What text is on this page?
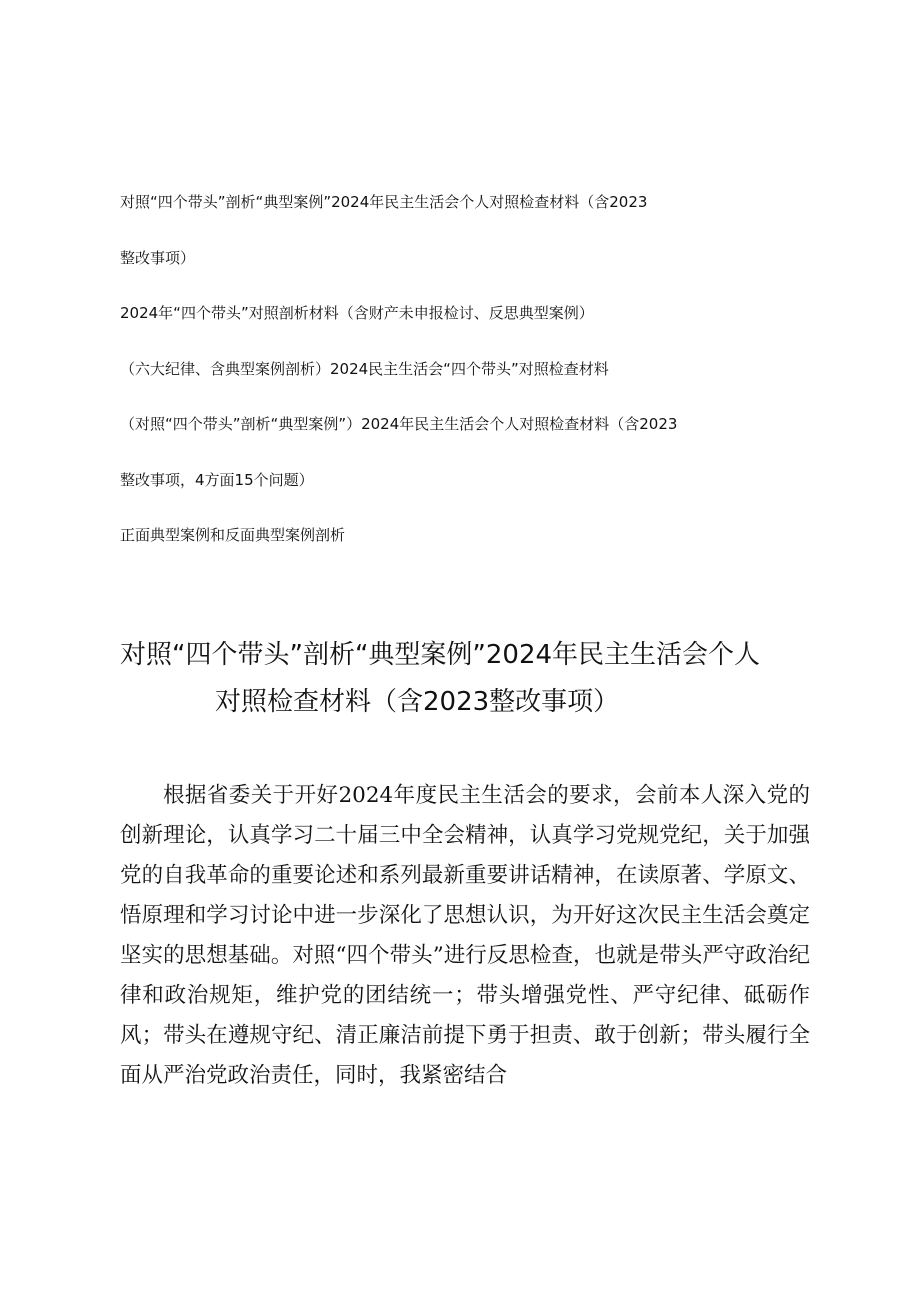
对照“四个带头”剖析“典型案例”2024年民主生活会个人对照检查材料（含2023
整改事项）
2024年“四个带头”对照剖析材料（含财产未申报检讨、反思典型案例）
（六大纪律、含典型案例剖析）2024民主生活会“四个带头”对照检查材料
（对照“四个带头”剖析“典型案例”）2024年民主生活会个人对照检查材料（含2023
整改事项，4方面15个问题）
正面典型案例和反面典型案例剖析
对照“四个带头”剖析“典型案例”2024年民主生活会个人
对照检查材料（含2023整改事项）

根据省委关于开好2024年度民主生活会的要求，会前本人深入党的创新理论，认真学习二十届三中全会精神，认真学习党规党纪，关于加强党的自我革命的重要论述和系列最新重要讲话精神，在读原著、学原文、悟原理和学习讨论中进一步深化了思想认识，为开好这次民主生活会奠定坚实的思想基础。对照“四个带头”进行反思检查，也就是带头严守政治纪律和政治规矩，维护党的团结统一；带头增强党性、严守纪律、砥砺作风；带头在遵规守纪、清正廉洁前提下勇于担责、敢于创新；带头履行全面从严治党政治责任，同时，我紧密结合
